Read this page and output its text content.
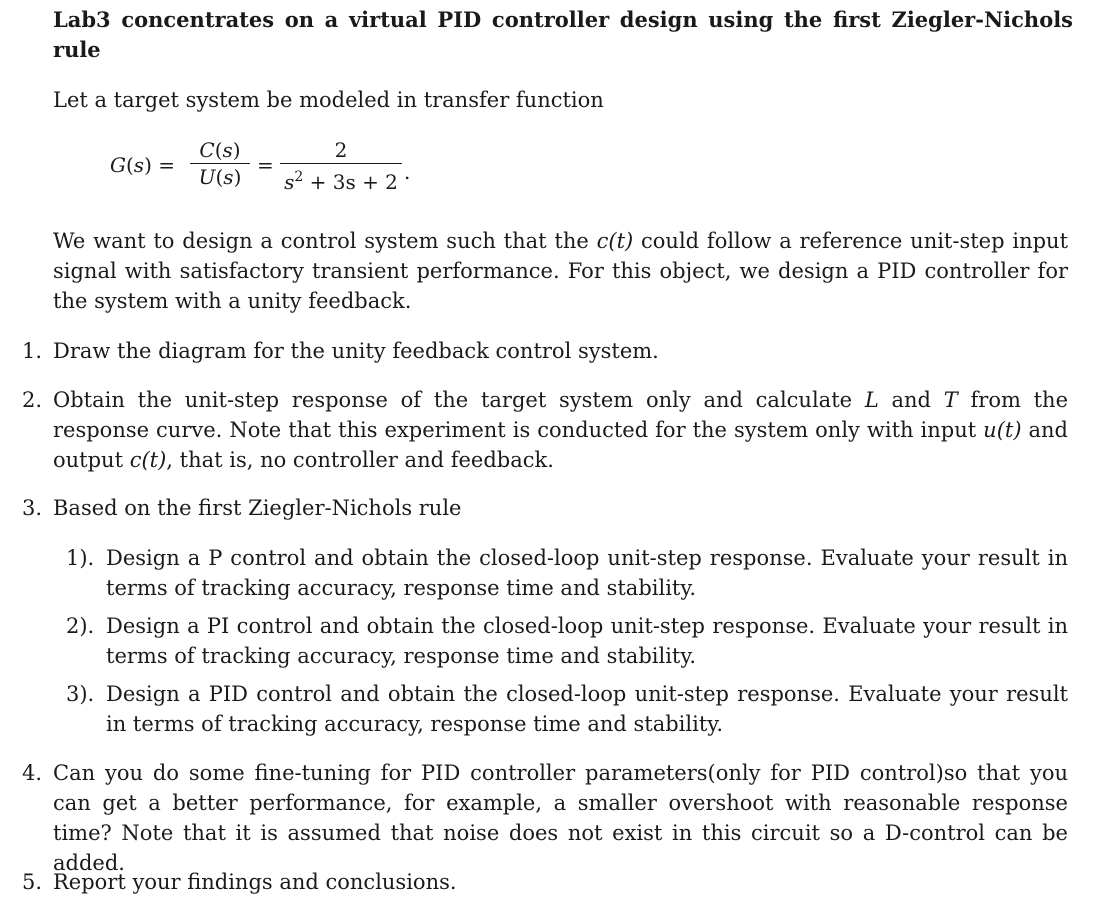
Lab3 concentrates on a virtual PID controller design using the first Ziegler-Nichols rule
Let a target system be modeled in transfer function
G(s) =
C(s)
U(s) =
2
$s^2 + 3s + 2$ .
We want to design a control system such that the c(t) could follow a reference unit-step input signal with satisfactory transient performance. For this object, we design a PID controller for the system with a unity feedback.
1. Draw the diagram for the unity feedback control system.
2. Obtain the unit-step response of the target system only and calculate L and T from the response curve. Note that this experiment is conducted for the system only with input u(t) and output c(t), that is, no controller and feedback.
3. Based on the first Ziegler-Nichols rule
1). Design a P control and obtain the closed-loop unit-step response. Evaluate your result in terms of tracking accuracy, response time and stability.
2). Design a PI control and obtain the closed-loop unit-step response. Evaluate your result in terms of tracking accuracy, response time and stability.
3). Design a PID control and obtain the closed-loop unit-step response. Evaluate your result in terms of tracking accuracy, response time and stability.
4. Can you do some fine-tuning for PID controller parameters(only for PID control)so that you can get a better performance, for example, a smaller overshoot with reasonable response time? Note that it is assumed that noise does not exist in this circuit so a D-control can be added.
5. Report your findings and conclusions.
